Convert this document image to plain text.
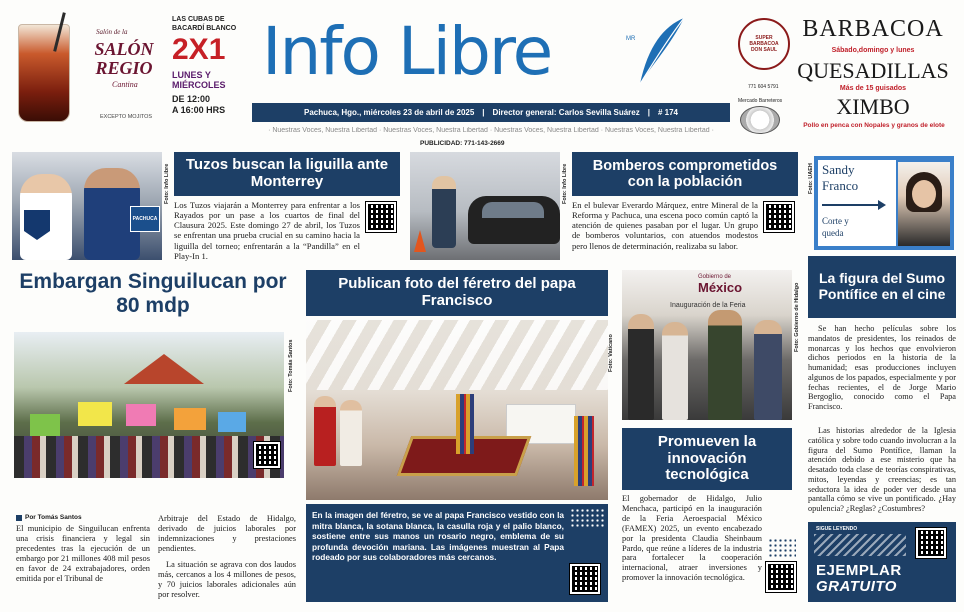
Salón de la
SALÓN REGIO
Cantina
EXCEPTO MOJITOS
LAS CUBAS DE
BACARDÍ BLANCO
2X1
LUNES Y MIÉRCOLES
DE 12:00
A 16:00 HRS
Info Libre	MR
Pachuca, Hgo., miércoles 23 de abril de 2025 | Director general: Carlos Sevilla Suárez | # 174
· Nuestras Voces, Nuestra Libertad · Nuestras Voces, Nuestra Libertad · Nuestras Voces, Nuestra Libertad · Nuestras Voces, Nuestra Libertad ·
PUBLICIDAD: 771-143-2669
SUPER BARBACOA DON SAUL
771 604 5791
Mercado Barreteros
BARBACOA
Sábado,domingo y lunes
QUESADILLAS
Más de 15 guisados
XIMBO
Pollo en penca con Nopales y granos de elote
PACHUCA
Foto: Info Libre	Tuzos buscan la liguilla ante Monterrey
Los Tuzos viajarán a Monterrey para enfrentar a los Rayados por un pase a los cuartos de final del Clausura 2025. Este domingo 27 de abril, los Tuzos se enfrentan una prueba crucial en su camino hacia la liguilla del torneo; enfrentarán a la “Pandilla” en el Play-In 1.
Foto: Info Libre	Bomberos comprometidos con la población
En el bulevar Everardo Márquez, entre Mineral de la Reforma y Pachuca, una escena poco común captó la atención de quienes pasaban por el lugar. Un grupo de bomberos voluntarios, con atuendos modestos pero llenos de determinación, realizaba su labor.
Foto: UAEH Sandy
Franco
Corte y
queda
Embargan Singuilucan por 80 mdp
Foto: Tomás Santos
Por Tomás Santos
El municipio de Singuilucan enfrenta una crisis financiera y legal sin precedentes tras la ejecución de un embargo por 21 millones 408 mil pesos en favor de 24 extrabajadores, orden emitida por el Tribunal de
Arbitraje del Estado de Hidalgo, derivado de juicios laborales por indemnizaciones y prestaciones pendientes.
La situación se agrava con dos laudos más, cercanos a los 4 millones de pesos, y 70 juicios laborales adicionales aún por resolver.
Publican foto del féretro del papa Francisco
Foto: Vaticano
En la imagen del féretro, se ve al papa Francisco vestido con la mitra blanca, la sotana blanca, la casulla roja y el palio blanco, sostiene entre sus manos un rosario negro, emblema de su profunda devoción mariana. Las imágenes muestran al Papa rodeado por sus colaboradores más cercanos.
Gobierno de
México
Inauguración de la Feria	Foto: Gobierno de Hidalgo
Promueven la innovación tecnológica
El gobernador de Hidalgo, Julio Menchaca, participó en la inauguración de la Feria Aeroespacial México (FAMEX) 2025, un evento encabezado por la presidenta Claudia Sheinbaum Pardo, que reúne a líderes de la industria para fortalecer la cooperación internacional, atraer inversiones y promover la innovación tecnológica.
La figura del Sumo Pontífice en el cine
Se han hecho películas sobre los mandatos de presidentes, los reinados de monarcas y los hechos que envolvieron dichos periodos en la historia de la humanidad; esas producciones incluyen algunos de los papados, especialmente y por fechas recientes, el de Jorge Mario Bergoglio, conocido como el Papa Francisco.
Las historias alrededor de la Iglesia católica y sobre todo cuando involucran a la figura del Sumo Pontífice, llaman la atención debido a ese misterio que ha desatado toda clase de teorías conspirativas, mitos, leyendas y creencias; es tan seductora la idea de poder ver desde una pantalla cómo se vive un pontificado. ¿Hay opulencia? ¿Reglas? ¿Costumbres?
SIGUE LEYENDO
EJEMPLAR
GRATUITO
